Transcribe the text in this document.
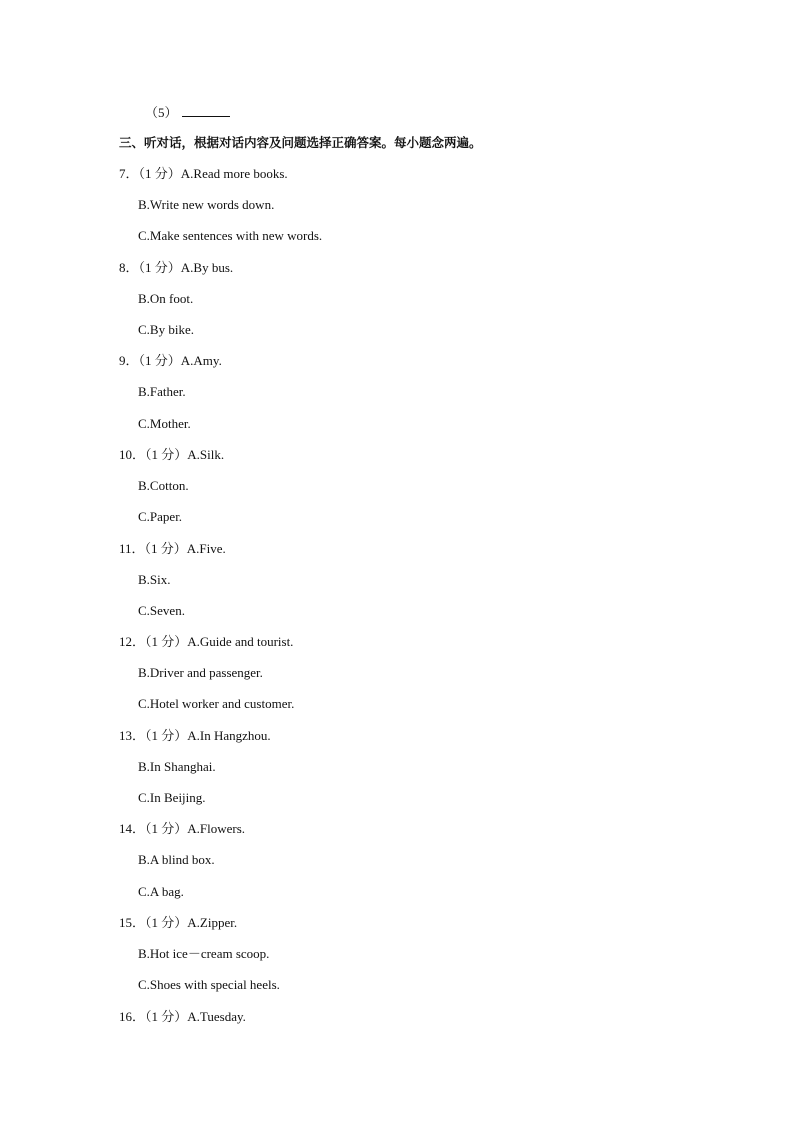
（5）
三、听对话，根据对话内容及问题选择正确答案。每小题念两遍。
7．（1 分）A.Read more books.
B.Write new words down.
C.Make sentences with new words.
8．（1 分）A.By bus.
B.On foot.
C.By bike.
9．（1 分）A.Amy.
B.Father.
C.Mother.
10．（1 分）A.Silk.
B.Cotton.
C.Paper.
11．（1 分）A.Five.
B.Six.
C.Seven.
12．（1 分）A.Guide and tourist.
B.Driver and passenger.
C.Hotel worker and customer.
13．（1 分）A.In Hangzhou.
B.In Shanghai.
C.In Beijing.
14．（1 分）A.Flowers.
B.A blind box.
C.A bag.
15．（1 分）A.Zipper.
B.Hot ice－cream scoop.
C.Shoes with special heels.
16．（1 分）A.Tuesday.
